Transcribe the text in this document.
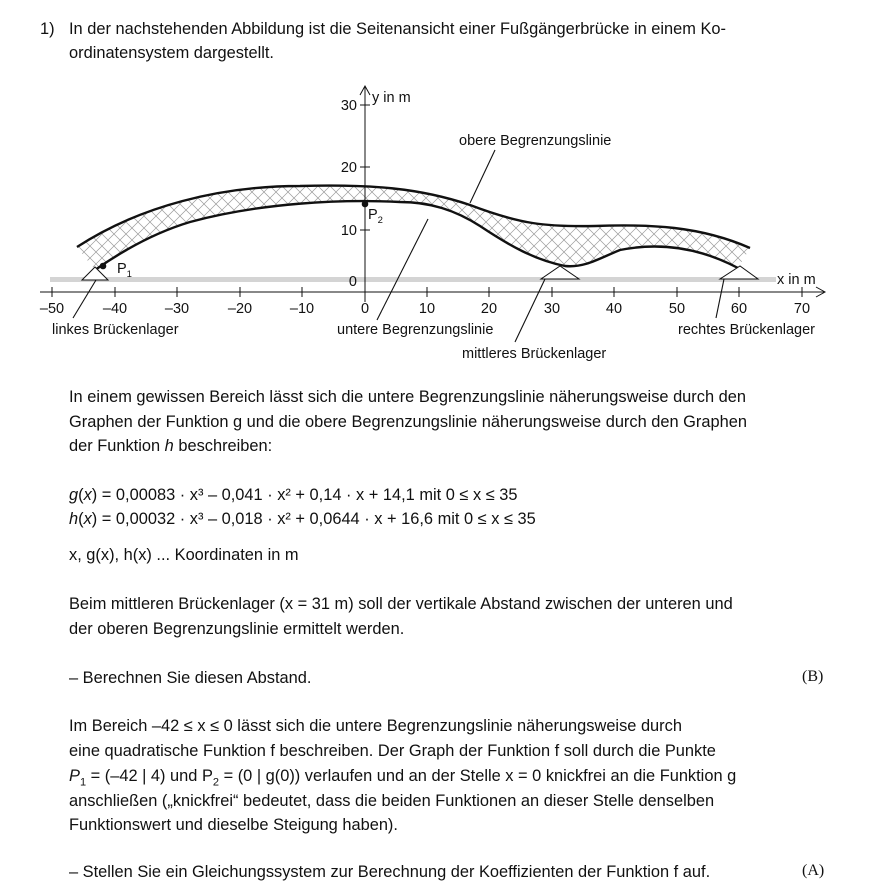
1) In der nachstehenden Abbildung ist die Seitenansicht einer Fußgängerbrücke in einem Ko-
ordinatensystem dargestellt.
–50	–40	–30	–20	–10	0	10	20	30	40	50	60	70
0
10
20
30 y in m
x in m
$P_1$
$P_2$
obere Begrenzungslinie
untere Begrenzungslinie
linkes Brückenlager
mittleres Brückenlager
rechtes Brückenlager
In einem gewissen Bereich lässt sich die untere Begrenzungslinie näherungsweise durch den
Graphen der Funktion g und die obere Begrenzungslinie näherungsweise durch den Graphen
der Funktion h beschreiben:
g(x) = 0,00083 · x³ – 0,041 · x² + 0,14 · x + 14,1 mit 0 ≤ x ≤ 35
h(x) = 0,00032 · x³ – 0,018 · x² + 0,0644 · x + 16,6 mit 0 ≤ x ≤ 35
x, g(x), h(x) ... Koordinaten in m
Beim mittleren Brückenlager (x = 31 m) soll der vertikale Abstand zwischen der unteren und
der oberen Begrenzungslinie ermittelt werden.
– Berechnen Sie diesen Abstand.	(B)
Im Bereich –42 ≤ x ≤ 0 lässt sich die untere Begrenzungslinie näherungsweise durch
eine quadratische Funktion f beschreiben. Der Graph der Funktion f soll durch die Punkte
$P_1 = (-42$ | 4) und $P_2 = (0$ | g(0)) verlaufen und an der Stelle x = 0 knickfrei an die Funktion g
anschließen („knickfrei“ bedeutet, dass die beiden Funktionen an dieser Stelle denselben
Funktionswert und dieselbe Steigung haben).
– Stellen Sie ein Gleichungssystem zur Berechnung der Koeffizienten der Funktion f auf.	(A)
